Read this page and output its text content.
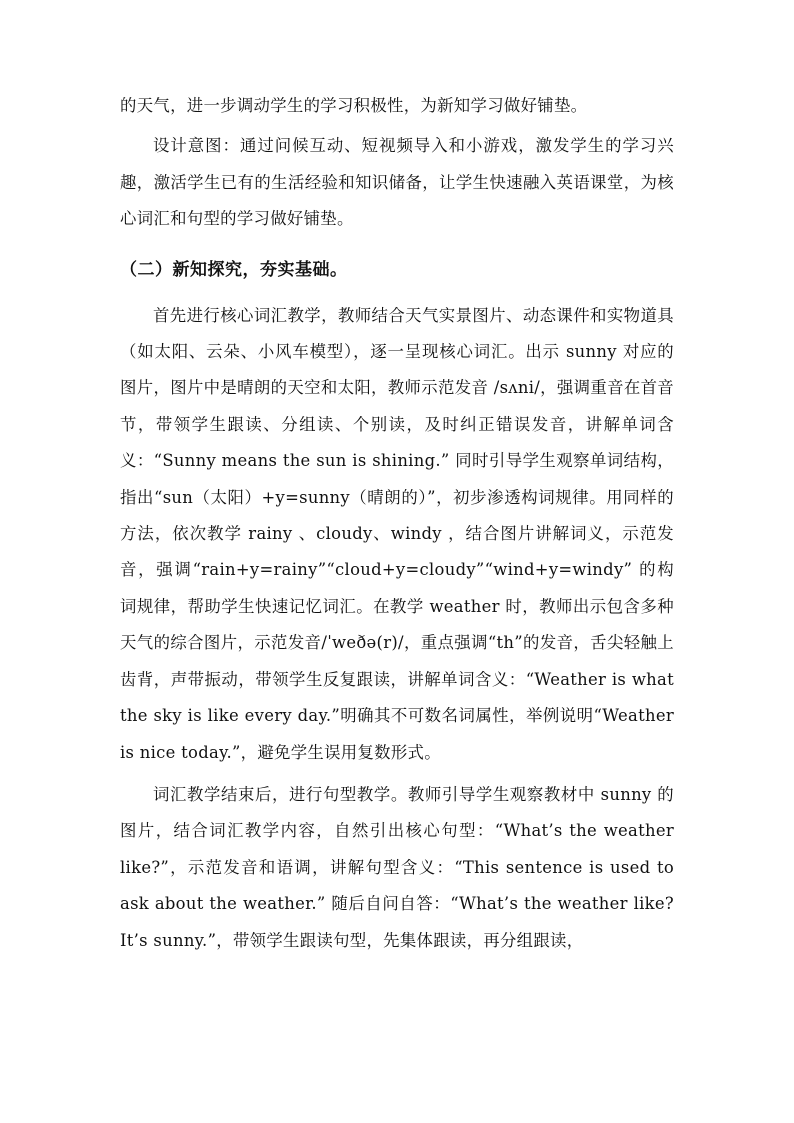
的天气，进一步调动学生的学习积极性，为新知学习做好铺垫。

设计意图：通过问候互动、短视频导入和小游戏，激发学生的学习兴趣，激活学生已有的生活经验和知识储备，让学生快速融入英语课堂，为核心词汇和句型的学习做好铺垫。

（二）新知探究，夯实基础。

首先进行核心词汇教学，教师结合天气实景图片、动态课件和实物道具（如太阳、云朵、小风车模型），逐一呈现核心词汇。出示 sunny 对应的图片，图片中是晴朗的天空和太阳，教师示范发音 /sʌni/，强调重音在首音节，带领学生跟读、分组读、个别读，及时纠正错误发音，讲解单词含义：“Sunny means the sun is shining.” 同时引导学生观察单词结构，指出“sun（太阳）+y=sunny（晴朗的）”，初步渗透构词规律。用同样的方法，依次教学 rainy 、cloudy、windy ，结合图片讲解词义，示范发音，强调“rain+y=rainy”“cloud+y=cloudy”“wind+y=windy” 的构词规律，帮助学生快速记忆词汇。在教学 weather 时，教师出示包含多种天气的综合图片，示范发音/ˈweðə(r)/，重点强调“th”的发音，舌尖轻触上齿背，声带振动，带领学生反复跟读，讲解单词含义：“Weather is what the sky is like every day.”明确其不可数名词属性，举例说明“Weather is nice today.”，避免学生误用复数形式。

词汇教学结束后，进行句型教学。教师引导学生观察教材中 sunny 的图片，结合词汇教学内容，自然引出核心句型：“What’s the weather like?”，示范发音和语调，讲解句型含义：“This sentence is used to ask about the weather.” 随后自问自答：“What’s the weather like? It’s sunny.”，带领学生跟读句型，先集体跟读，再分组跟读，
